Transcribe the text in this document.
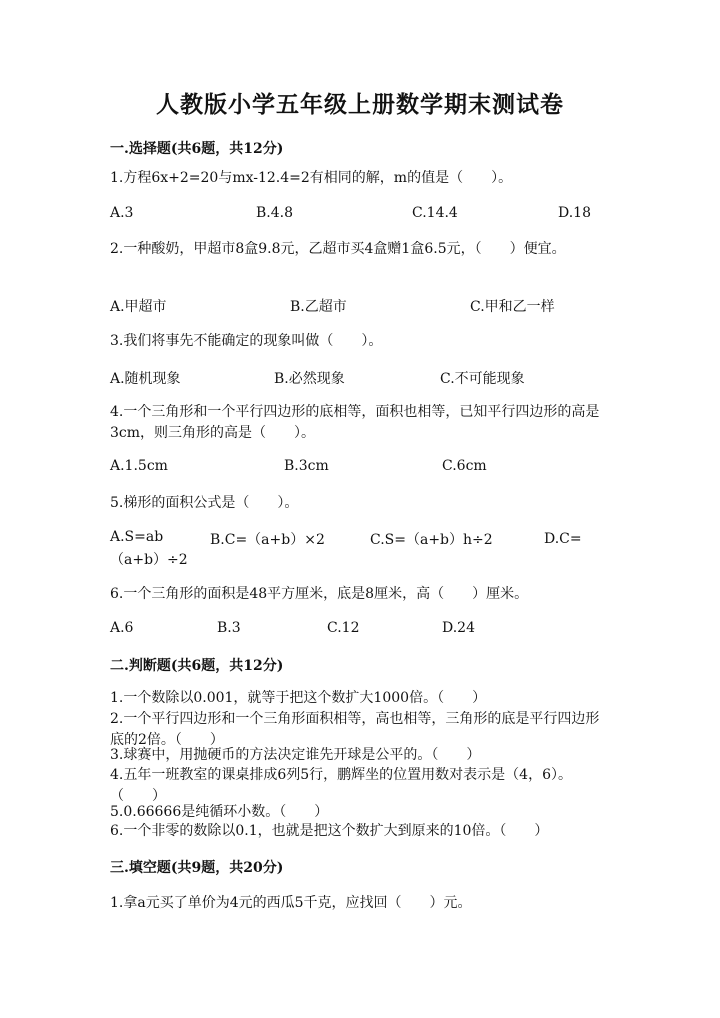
人教版小学五年级上册数学期末测试卷
一.选择题(共6题，共12分)
1.方程6x+2=20与mx-12.4=2有相同的解，m的值是（　　）。
A.3	B.4.8	C.14.4	D.18
2.一种酸奶，甲超市8盒9.8元，乙超市买4盒赠1盒6.5元，（　　）便宜。
A.甲超市	B.乙超市	C.甲和乙一样
3.我们将事先不能确定的现象叫做（　　）。
A.随机现象	B.必然现象	C.不可能现象
4.一个三角形和一个平行四边形的底相等，面积也相等，已知平行四边形的高是3cm，则三角形的高是（　　）。
A.1.5cm	B.3cm	C.6cm
5.梯形的面积公式是（　　）。
A.S=ab	B.C=（a+b）×2	C.S=（a+b）h÷2	D.C=（a+b）÷2
6.一个三角形的面积是48平方厘米，底是8厘米，高（　　）厘米。
A.6	B.3	C.12	D.24
二.判断题(共6题，共12分)
1.一个数除以0.001，就等于把这个数扩大1000倍。（　　）
2.一个平行四边形和一个三角形面积相等，高也相等，三角形的底是平行四边形底的2倍。（　　）
3.球赛中，用抛硬币的方法决定谁先开球是公平的。（　　）
4.五年一班教室的课桌排成6列5行，鹏辉坐的位置用数对表示是（4，6）。（　　）
5.0.66666是纯循环小数。（　　）
6.一个非零的数除以0.1，也就是把这个数扩大到原来的10倍。（　　）
三.填空题(共9题，共20分)
1.拿a元买了单价为4元的西瓜5千克，应找回（　　）元。
